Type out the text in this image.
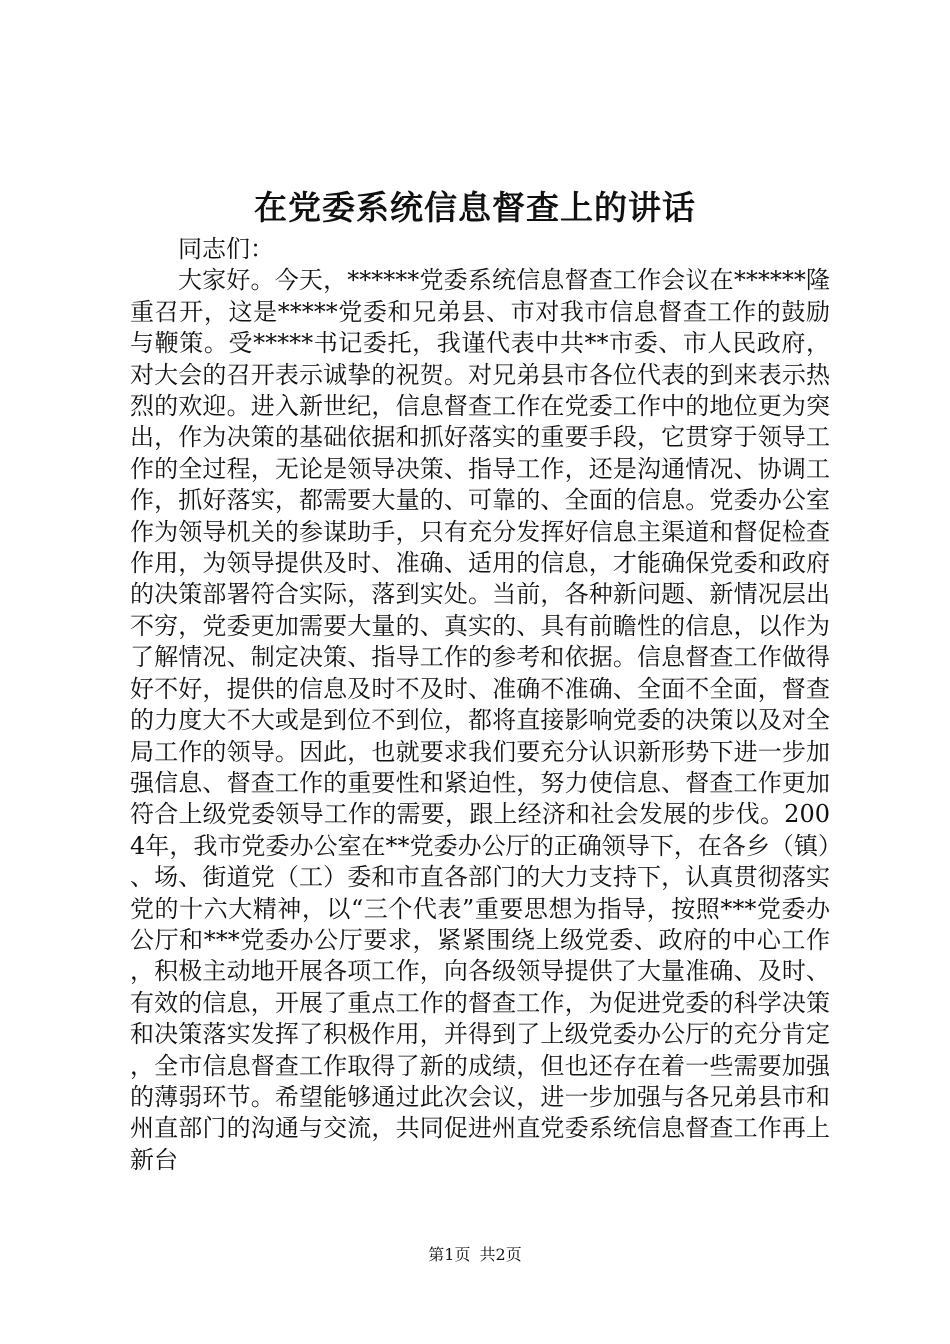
在党委系统信息督查上的讲话

同志们：

大家好。今天，******党委系统信息督查工作会议在******隆重召开，这是*****党委和兄弟县、市对我市信息督查工作的鼓励与鞭策。受*****书记委托，我谨代表中共**市委、市人民政府，对大会的召开表示诚挚的祝贺。对兄弟县市各位代表的到来表示热烈的欢迎。进入新世纪，信息督查工作在党委工作中的地位更为突出，作为决策的基础依据和抓好落实的重要手段，它贯穿于领导工作的全过程，无论是领导决策、指导工作，还是沟通情况、协调工作，抓好落实，都需要大量的、可靠的、全面的信息。党委办公室作为领导机关的参谋助手，只有充分发挥好信息主渠道和督促检查作用，为领导提供及时、准确、适用的信息，才能确保党委和政府的决策部署符合实际，落到实处。当前，各种新问题、新情况层出不穷，党委更加需要大量的、真实的、具有前瞻性的信息，以作为了解情况、制定决策、指导工作的参考和依据。信息督查工作做得好不好，提供的信息及时不及时、准确不准确、全面不全面，督查的力度大不大或是到位不到位，都将直接影响党委的决策以及对全局工作的领导。因此，也就要求我们要充分认识新形势下进一步加强信息、督查工作的重要性和紧迫性，努力使信息、督查工作更加符合上级党委领导工作的需要，跟上经济和社会发展的步伐。2004年，我市党委办公室在**党委办公厅的正确领导下，在各乡（镇）、场、街道党（工）委和市直各部门的大力支持下，认真贯彻落实党的十六大精神，以“三个代表”重要思想为指导，按照***党委办公厅和***党委办公厅要求，紧紧围绕上级党委、政府的中心工作，积极主动地开展各项工作，向各级领导提供了大量准确、及时、有效的信息，开展了重点工作的督查工作，为促进党委的科学决策和决策落实发挥了积极作用，并得到了上级党委办公厅的充分肯定，全市信息督查工作取得了新的成绩，但也还存在着一些需要加强的薄弱环节。希望能够通过此次会议，进一步加强与各兄弟县市和州直部门的沟通与交流，共同促进州直党委系统信息督查工作再上新台

第1页 共2页
